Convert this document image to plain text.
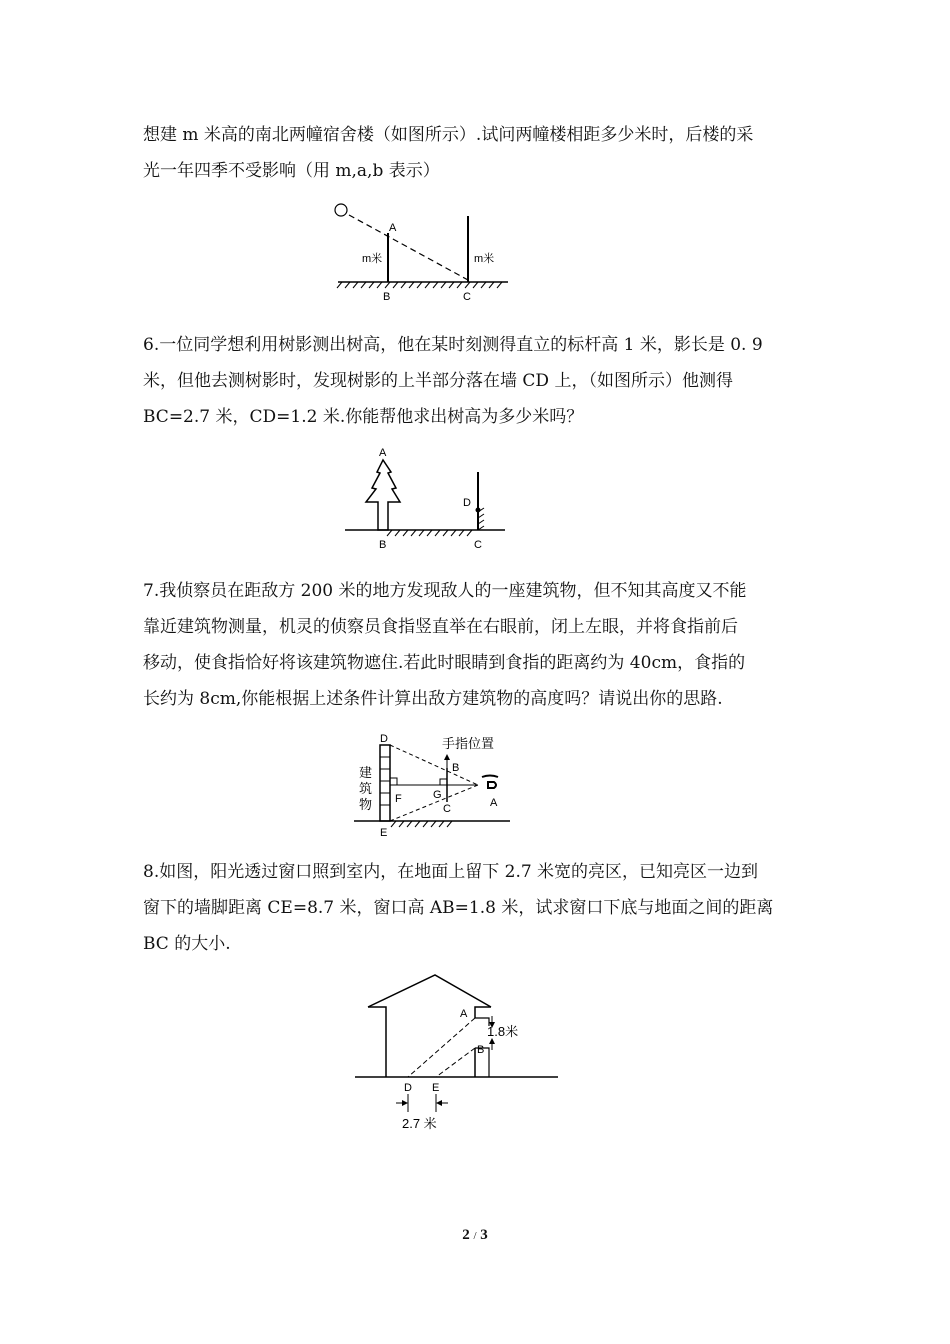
想建 m 米高的南北两幢宿舍楼（如图所示）.试问两幢楼相距多少米时，后楼的采

光一年四季不受影响（用 m,a,b 表示）

A
B	C
m米	m米

6.一位同学想利用树影测出树高，他在某时刻测得直立的标杆高 1 米，影长是 0. 9

米，但他去测树影时，发现树影的上半部分落在墙 CD 上，（如图所示）他测得

BC=2.7 米，CD=1.2 米.你能帮他求出树高为多少米吗？

A
B	C
D

7.我侦察员在距敌方 200 米的地方发现敌人的一座建筑物，但不知其高度又不能

靠近建筑物测量，机灵的侦察员食指竖直举在右眼前，闭上左眼，并将食指前后

移动，使食指恰好将该建筑物遮住.若此时眼睛到食指的距离约为 40cm，食指的

长约为 8cm,你能根据上述条件计算出敌方建筑物的高度吗？请说出你的思路.

建
筑
物
手指位置
D
E
F	G
B
C	A

8.如图，阳光透过窗口照到室内，在地面上留下 2.7 米宽的亮区，已知亮区一边到

窗下的墙脚距离 CE=8.7 米，窗口高 AB=1.8 米，试求窗口下底与地面之间的距离

BC 的大小.

A
B
1.8米
D E
2.7 米
2 / 3
